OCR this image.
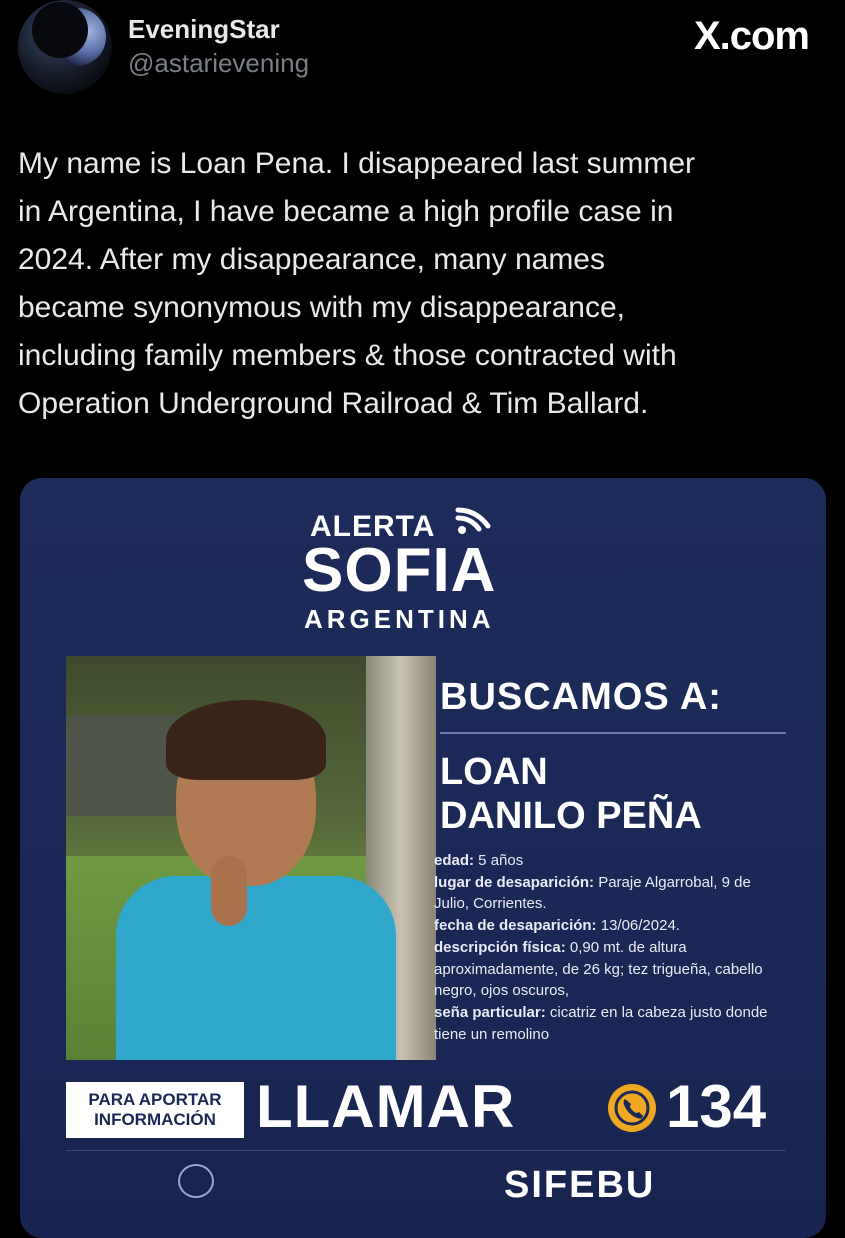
EveningStar
@astarievening
X.com
My name is Loan Pena. I disappeared last summer
in Argentina, I have became a high profile case in
2024. After my disappearance, many names
became synonymous with my disappearance,
including family members & those contracted with
Operation Underground Railroad & Tim Ballard.
ALERTA
SOFIA
ARGENTINA
BUSCAMOS A:
LOAN
DANILO PEÑA
edad: 5 años
lugar de desaparición: Paraje Algarrobal, 9 de Julio, Corrientes.
fecha de desaparición: 13/06/2024.
descripción física: 0,90 mt. de altura aproximadamente, de 26 kg; tez trigueña, cabello negro, ojos oscuros,
seña particular: cicatriz en la cabeza justo donde tiene un remolino
PARA APORTAR
INFORMACIÓN LLAMAR	134
SIFEBU
